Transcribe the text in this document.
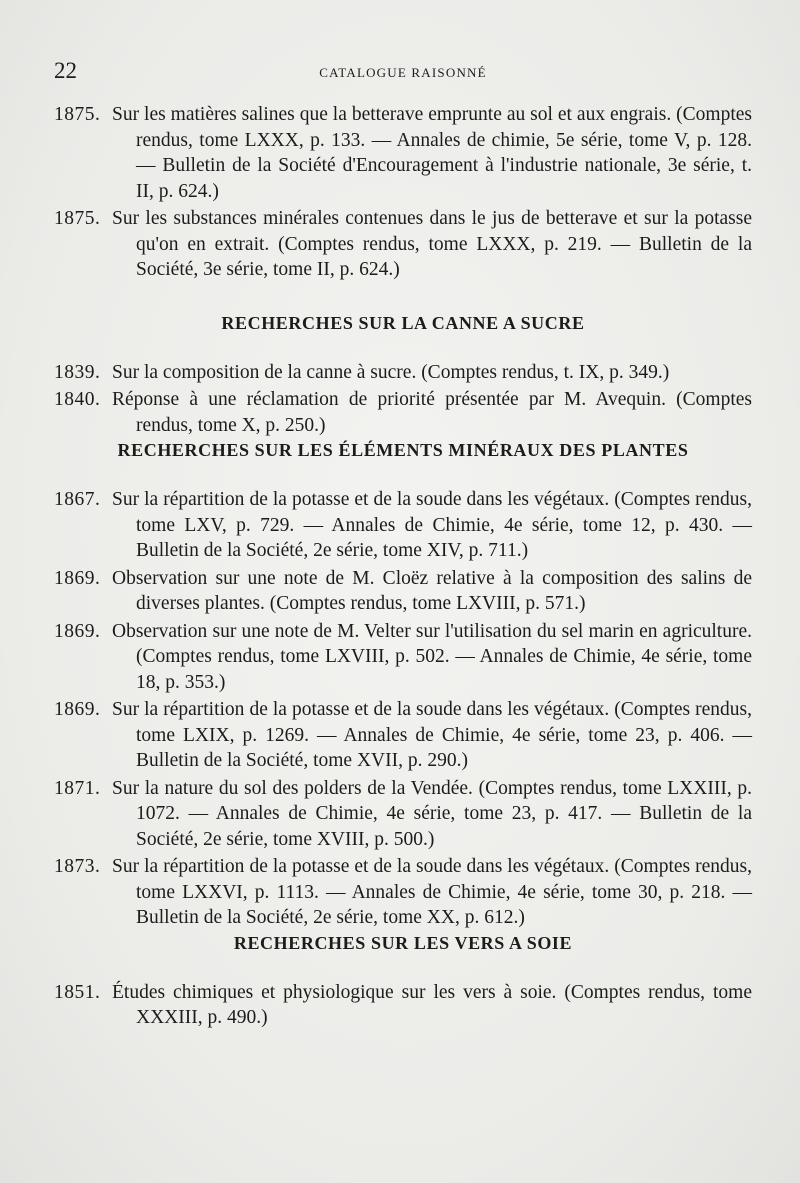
22	CATALOGUE RAISONNÉ

1875. Sur les matières salines que la betterave emprunte au sol et aux engrais. (Comptes rendus, tome LXXX, p. 133. — Annales de chimie, 5e série, tome V, p. 128. — Bulletin de la Société d'Encouragement à l'industrie nationale, 3e série, t. II, p. 624.)

1875. Sur les substances minérales contenues dans le jus de betterave et sur la potasse qu'on en extrait. (Comptes rendus, tome LXXX, p. 219. — Bulletin de la Société, 3e série, tome II, p. 624.)

RECHERCHES SUR LA CANNE A SUCRE

1839. Sur la composition de la canne à sucre. (Comptes rendus, t. IX, p. 349.)

1840. Réponse à une réclamation de priorité présentée par M. Avequin. (Comptes rendus, tome X, p. 250.)

RECHERCHES SUR LES ÉLÉMENTS MINÉRAUX DES PLANTES

1867. Sur la répartition de la potasse et de la soude dans les végétaux. (Comptes rendus, tome LXV, p. 729. — Annales de Chimie, 4e série, tome 12, p. 430. — Bulletin de la Société, 2e série, tome XIV, p. 711.)

1869. Observation sur une note de M. Cloëz relative à la composition des salins de diverses plantes. (Comptes rendus, tome LXVIII, p. 571.)

1869. Observation sur une note de M. Velter sur l'utilisation du sel marin en agriculture. (Comptes rendus, tome LXVIII, p. 502. — Annales de Chimie, 4e série, tome 18, p. 353.)

1869. Sur la répartition de la potasse et de la soude dans les végétaux. (Comptes rendus, tome LXIX, p. 1269. — Annales de Chimie, 4e série, tome 23, p. 406. — Bulletin de la Société, tome XVII, p. 290.)

1871. Sur la nature du sol des polders de la Vendée. (Comptes rendus, tome LXXIII, p. 1072. — Annales de Chimie, 4e série, tome 23, p. 417. — Bulletin de la Société, 2e série, tome XVIII, p. 500.)

1873. Sur la répartition de la potasse et de la soude dans les végétaux. (Comptes rendus, tome LXXVI, p. 1113. — Annales de Chimie, 4e série, tome 30, p. 218. — Bulletin de la Société, 2e série, tome XX, p. 612.)

RECHERCHES SUR LES VERS A SOIE

1851. Études chimiques et physiologique sur les vers à soie. (Comptes rendus, tome XXXIII, p. 490.)
